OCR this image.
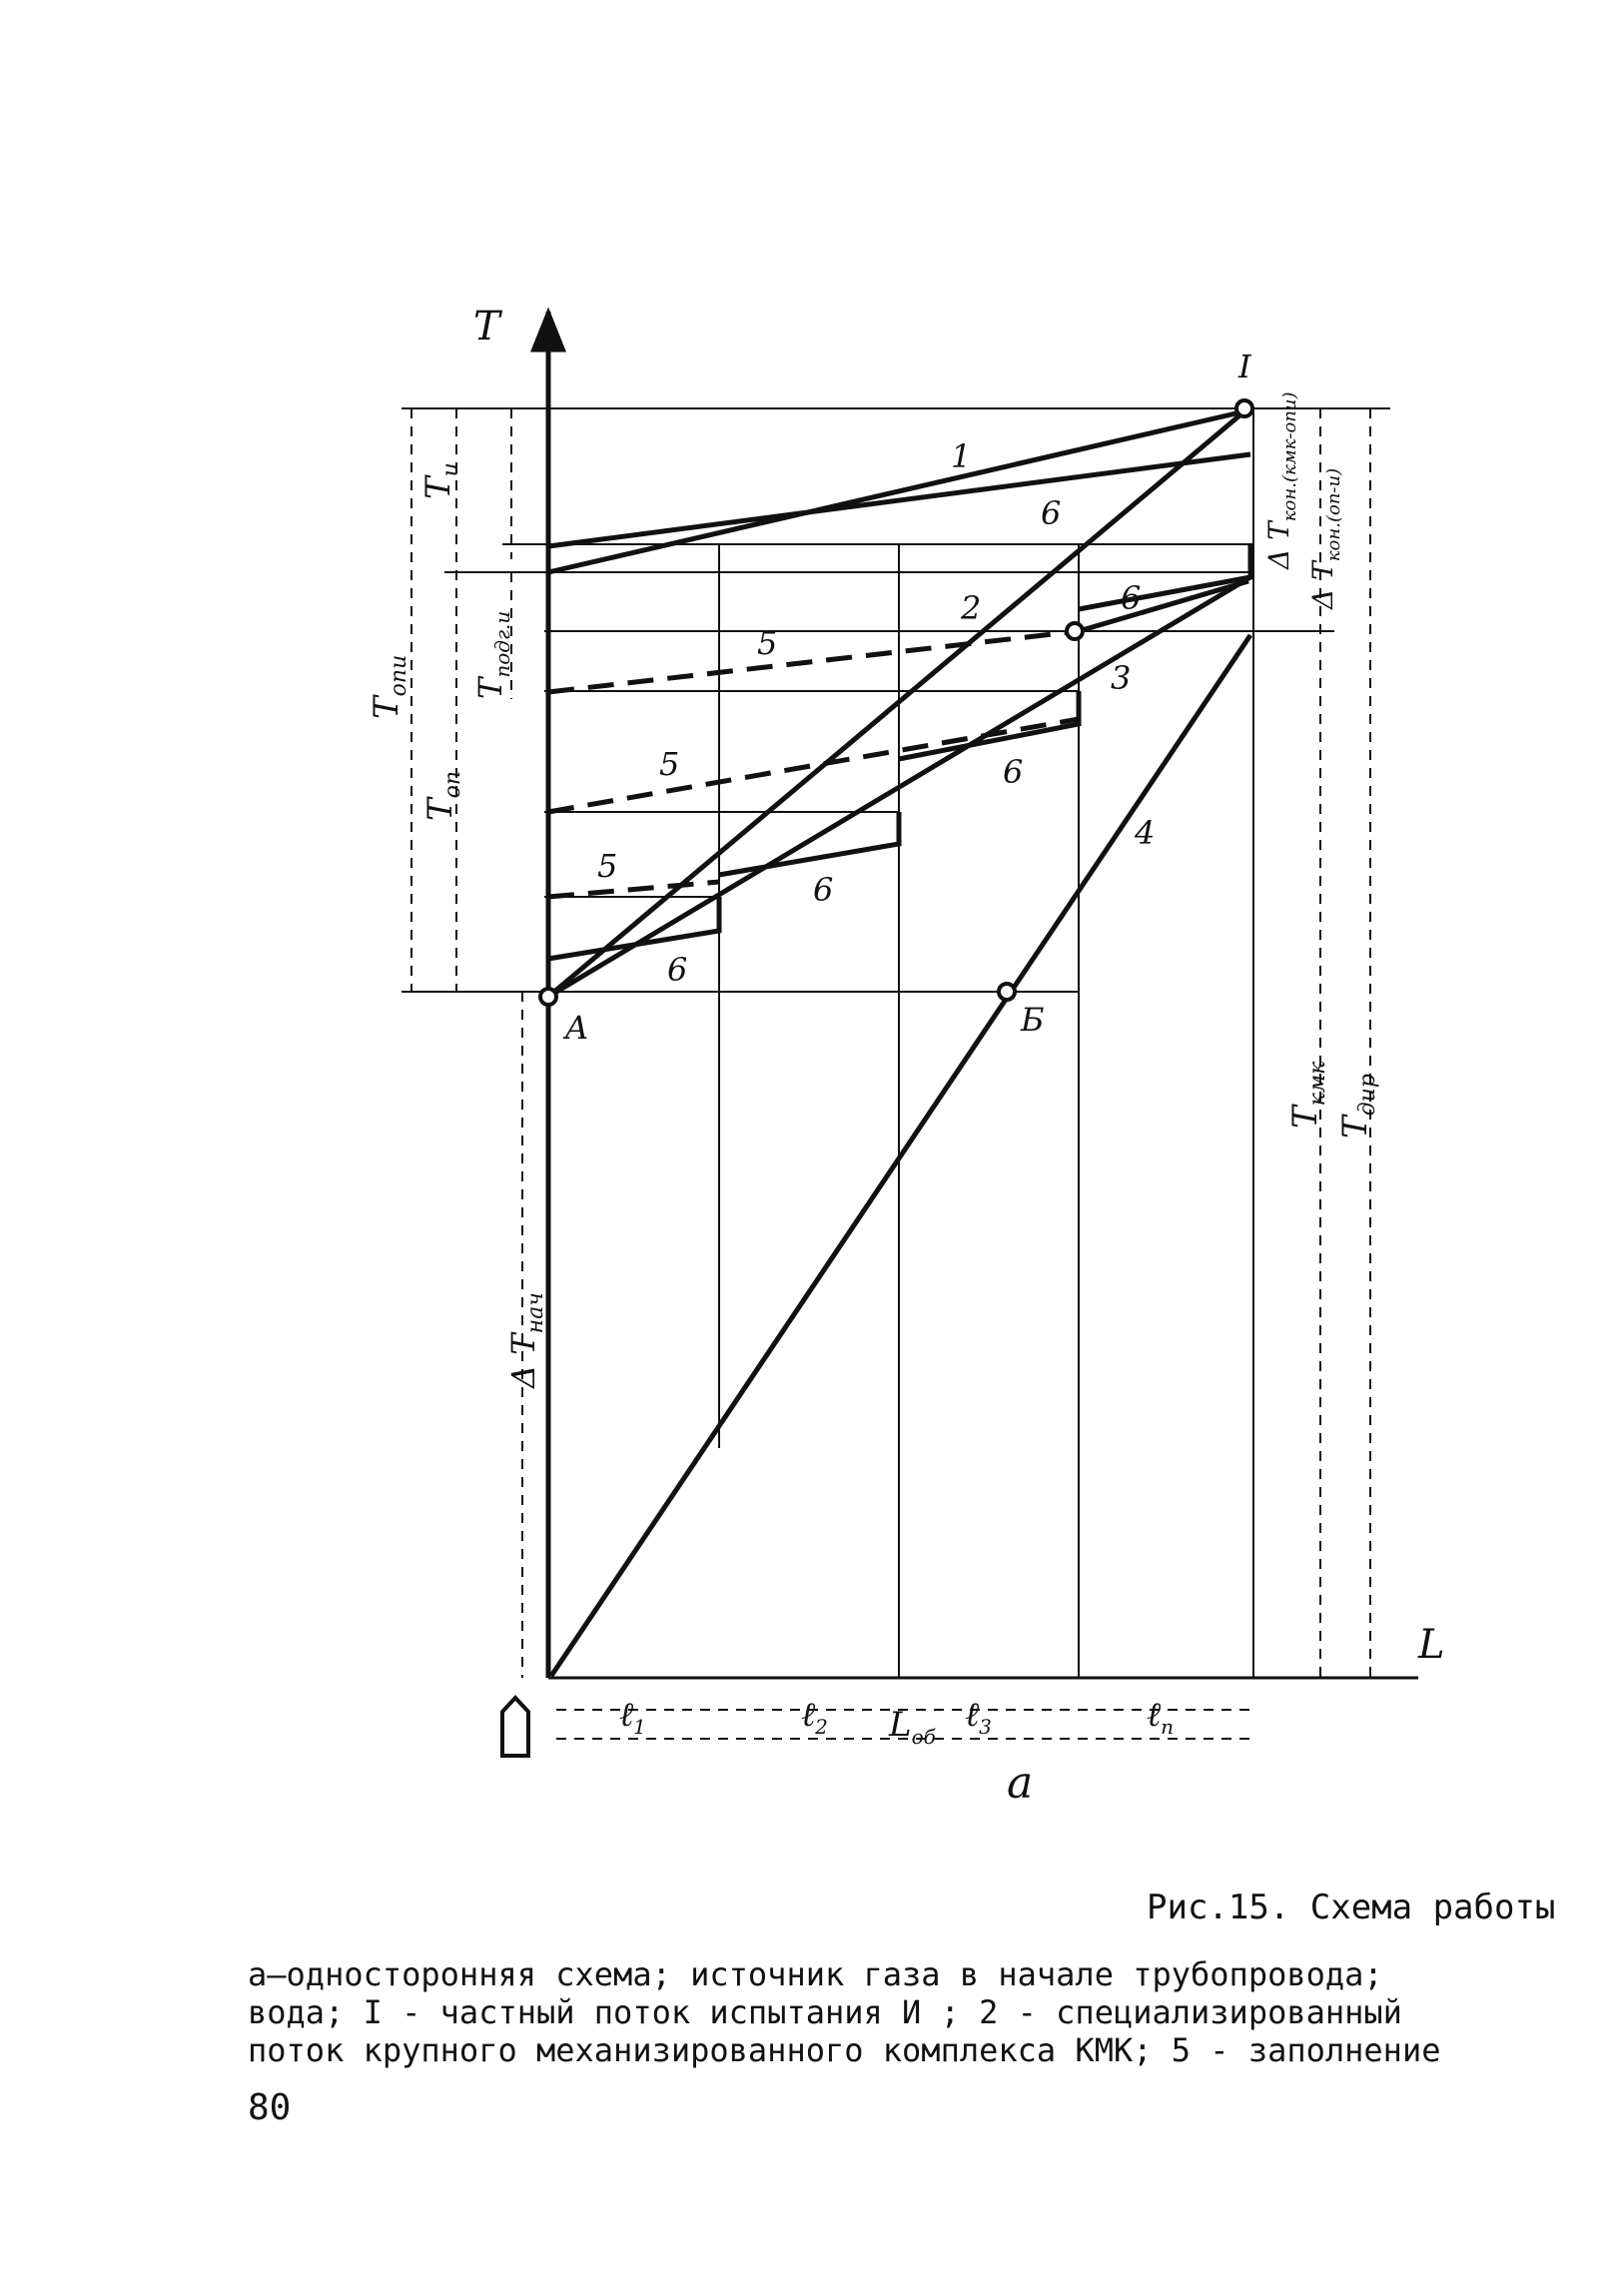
T
L
$T_{опи}$
$T_{оп}$
$T_и$
$T_{подг.и}$
Δ $T_{нач}$
Δ $T_{кон.(кмк-опи)}$
Δ $T_{кон.(оп-и)}$
$T_{кмк}$
$T_{дир}$
A	Б
I
1
2
3
4
5
5
5
6
6
6
6
6
ℓ$_1$	ℓ$_2$	ℓ$_3$	ℓ$_n$
$L_{об}$
a
Рис.15. Схема работы
а–односторонняя схема; источник газа в начале трубопровода;
вода; I - частный поток испытания И ; 2 - специализированный
поток крупного механизированного комплекса КМК; 5 - заполнение
80
